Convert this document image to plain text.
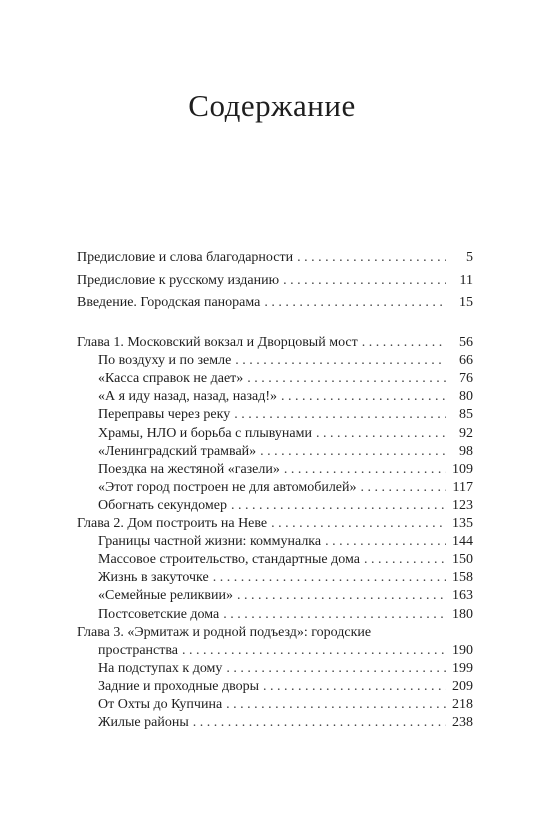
Содержание
Предисловие и слова благодарности . . .	5
Предисловие к русскому изданию . . .	11
Введение. Городская панорама . . .	15
Глава 1. Московский вокзал и Дворцовый мост . . .	56
По воздуху и по земле . . .	66
«Касса справок не дает» . . .	76
«А я иду назад, назад, назад!» . . .	80
Переправы через реку . . .	85
Храмы, НЛО и борьба с плывунами . . .	92
«Ленинградский трамвай» . . .	98
Поездка на жестяной «газели» . . .	109
«Этот город построен не для автомобилей» . . .	117
Обогнать секундомер . . .	123
Глава 2. Дом построить на Неве . . .	135
Границы частной жизни: коммуналка . . .	144
Массовое строительство, стандартные дома . . .	150
Жизнь в закуточке . . .	158
«Семейные реликвии» . . .	163
Постсоветские дома . . .	180
Глава 3. «Эрмитаж и родной подъезд»: городские
пространства . . .	190
На подступах к дому . . .	199
Задние и проходные дворы . . .	209
От Охты до Купчина . . .	218
Жилые районы . . .	238
